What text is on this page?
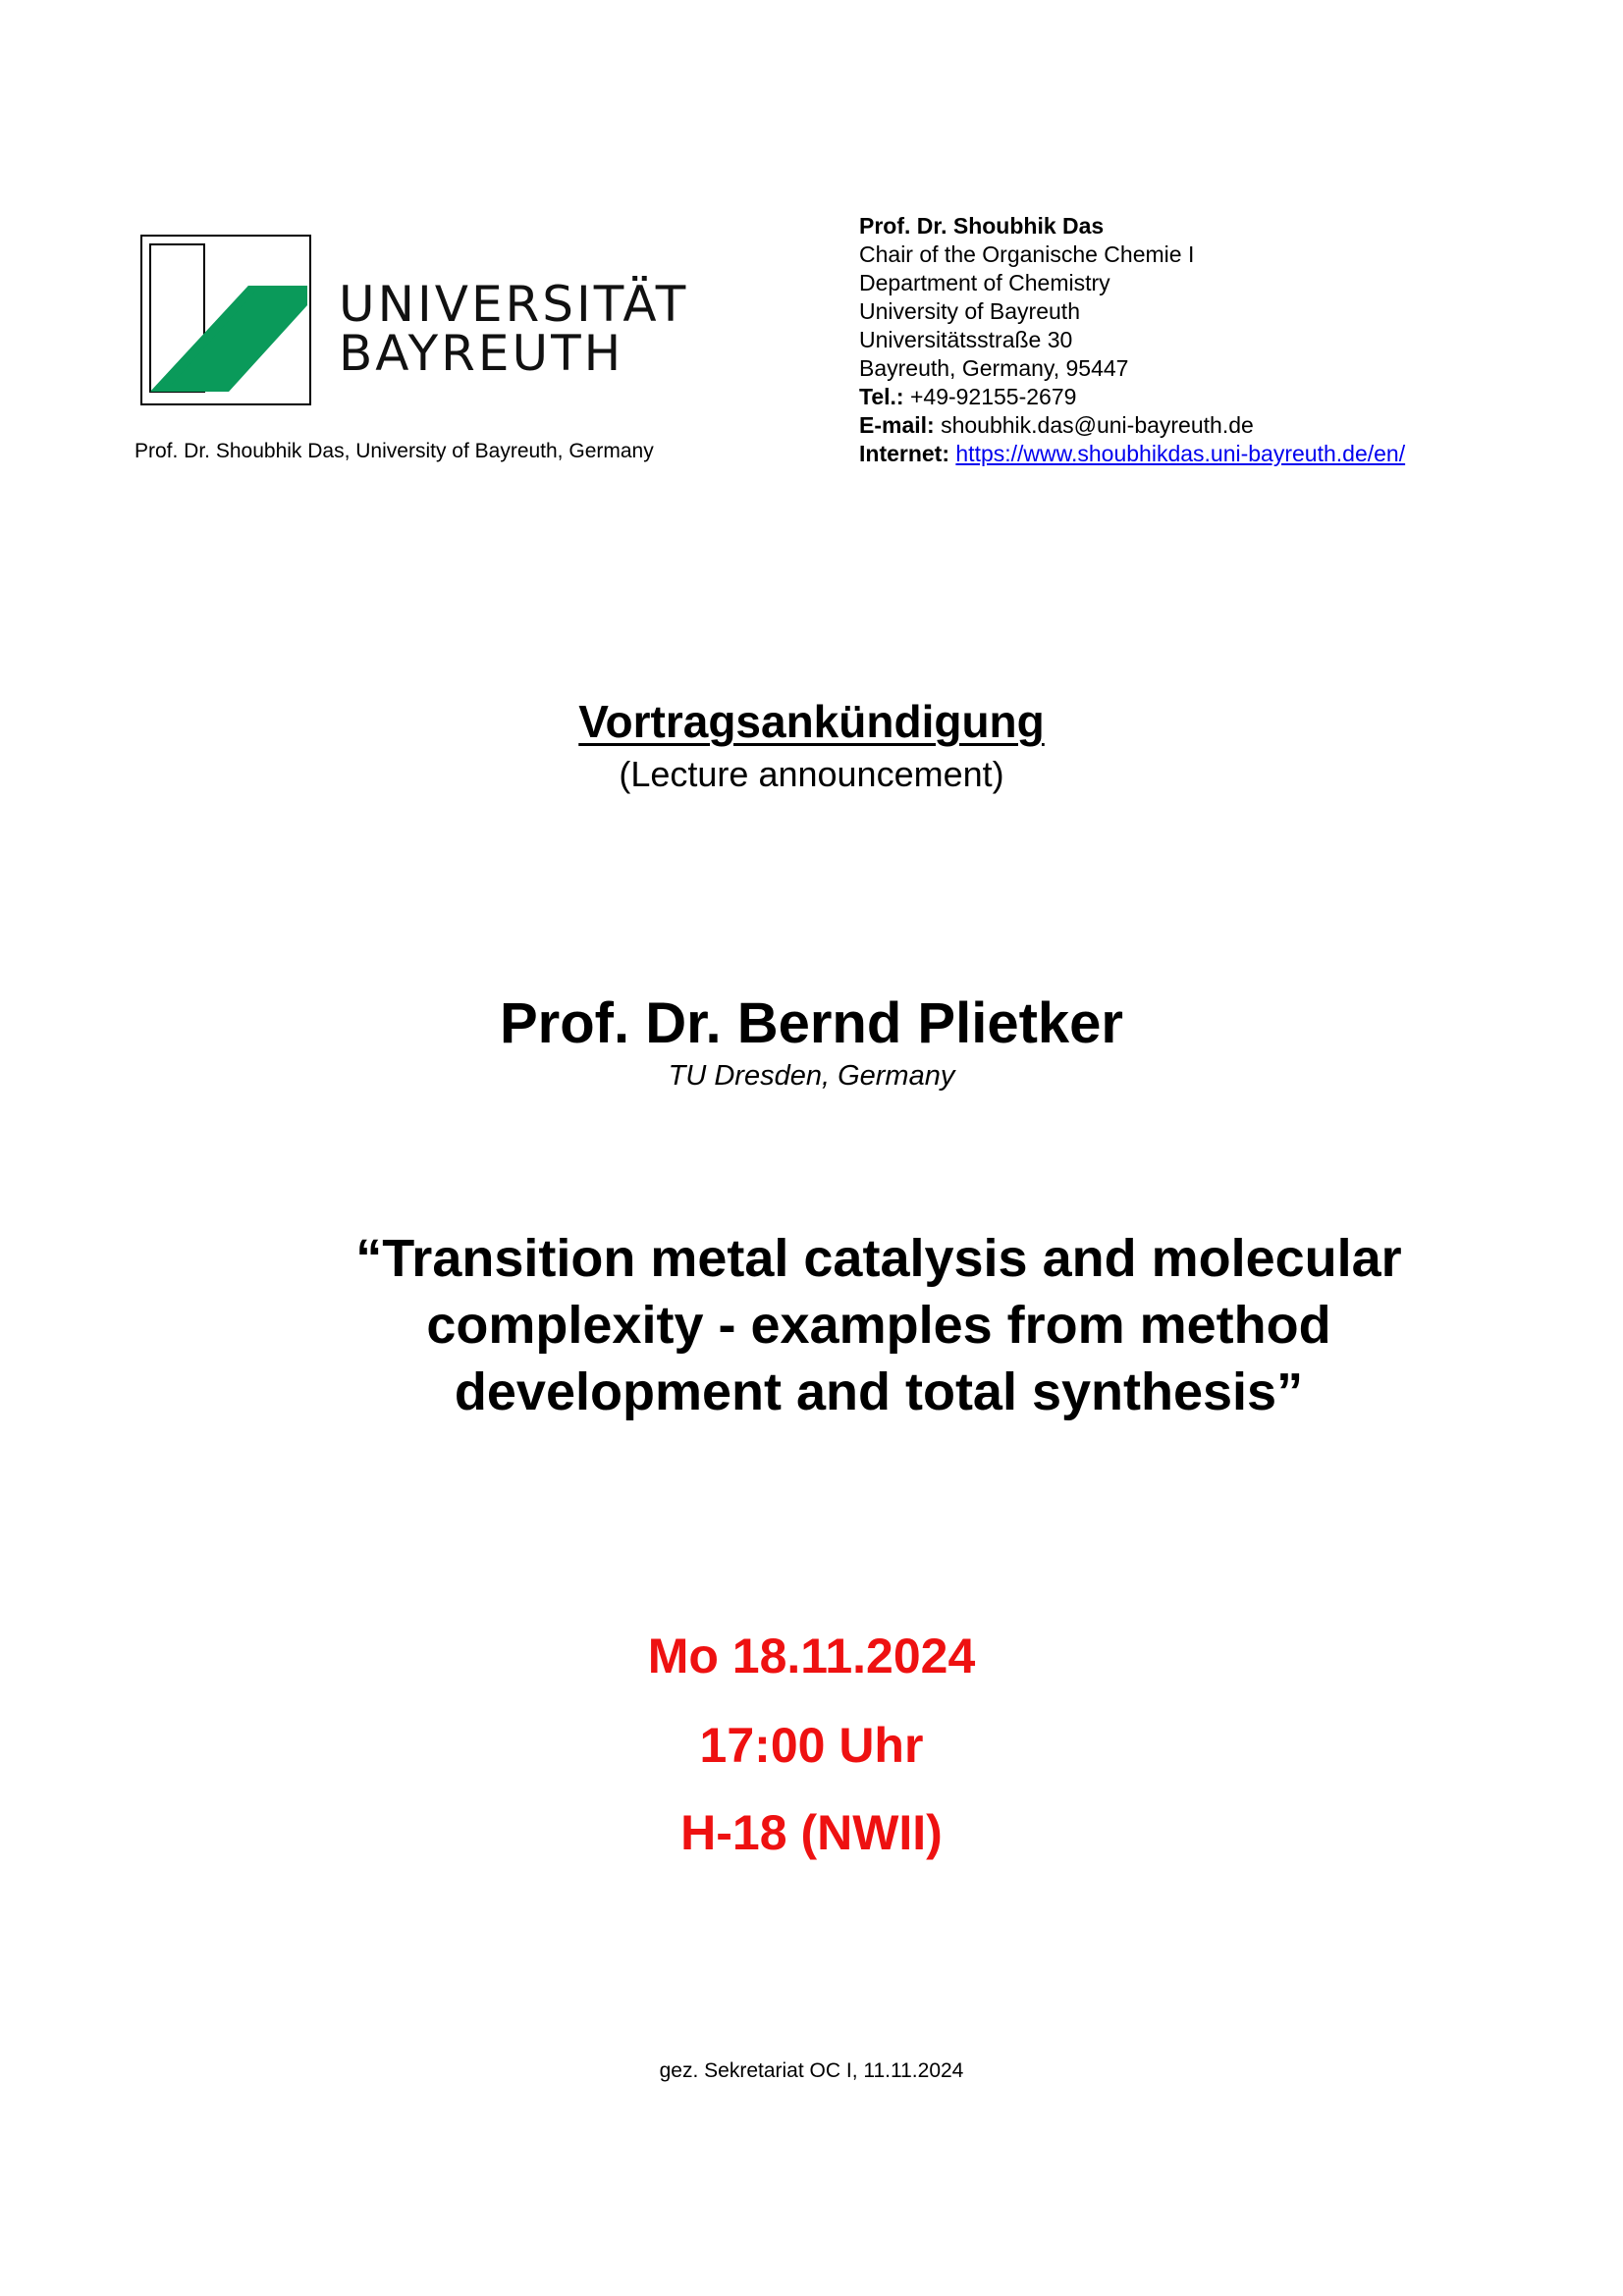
UNIVERSITÄT
BAYREUTH
Prof. Dr. Shoubhik Das, University of Bayreuth, Germany
Prof. Dr. Shoubhik Das
Chair of the Organische Chemie I
Department of Chemistry
University of Bayreuth
Universitätsstraße 30
Bayreuth, Germany, 95447
Tel.: +49-92155-2679
E-mail: shoubhik.das@uni-bayreuth.de
Internet: https://www.shoubhikdas.uni-bayreuth.de/en/
Vortragsankündigung
(Lecture announcement)
Prof. Dr. Bernd Plietker
TU Dresden, Germany
“Transition metal catalysis and molecular
complexity - examples from method
development and total synthesis”
Mo 18.11.2024
17:00 Uhr
H-18 (NWII)
gez. Sekretariat OC I, 11.11.2024
